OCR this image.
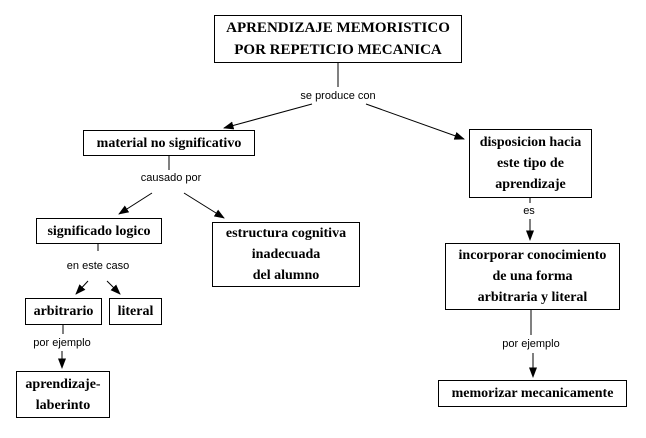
APRENDIZAJE MEMORISTICO
POR REPETICIO MECANICA
material no significativo	disposicion hacia
este tipo de
aprendizaje
significado logico	estructura cognitiva
inadecuada
del alumno
arbitrario literal
aprendizaje-
laberinto
incorporar conocimiento
de una forma
arbitraria y literal
memorizar mecanicamente
se produce con
causado por
en este caso
por ejemplo
es
por ejemplo
